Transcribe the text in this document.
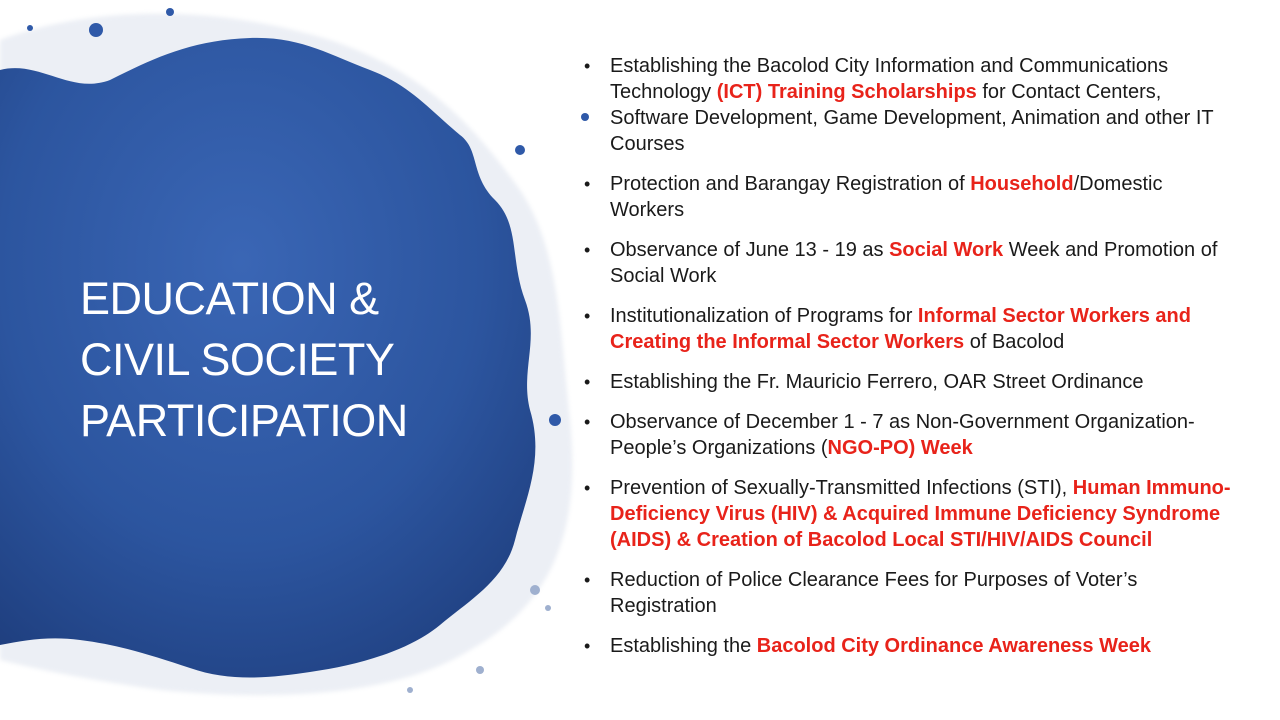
EDUCATION &
CIVIL SOCIETY
PARTICIPATION
• Establishing the Bacolod City Information and Communications Technology (ICT) Training Scholarships for Contact Centers, Software Development, Game Development, Animation and other IT Courses
• Protection and Barangay Registration of Household/Domestic Workers
• Observance of June 13 - 19 as Social Work Week and Promotion of Social Work
• Institutionalization of Programs for Informal Sector Workers and Creating the Informal Sector Workers of Bacolod
• Establishing the Fr. Mauricio Ferrero, OAR Street Ordinance
• Observance of December 1 - 7 as Non-Government Organization-People’s Organizations (NGO-PO) Week
• Prevention of Sexually-Transmitted Infections (STI), Human Immuno-Deficiency Virus (HIV) & Acquired Immune Deficiency Syndrome (AIDS) & Creation of Bacolod Local STI/HIV/AIDS Council
• Reduction of Police Clearance Fees for Purposes of Voter’s Registration
• Establishing the Bacolod City Ordinance Awareness Week
